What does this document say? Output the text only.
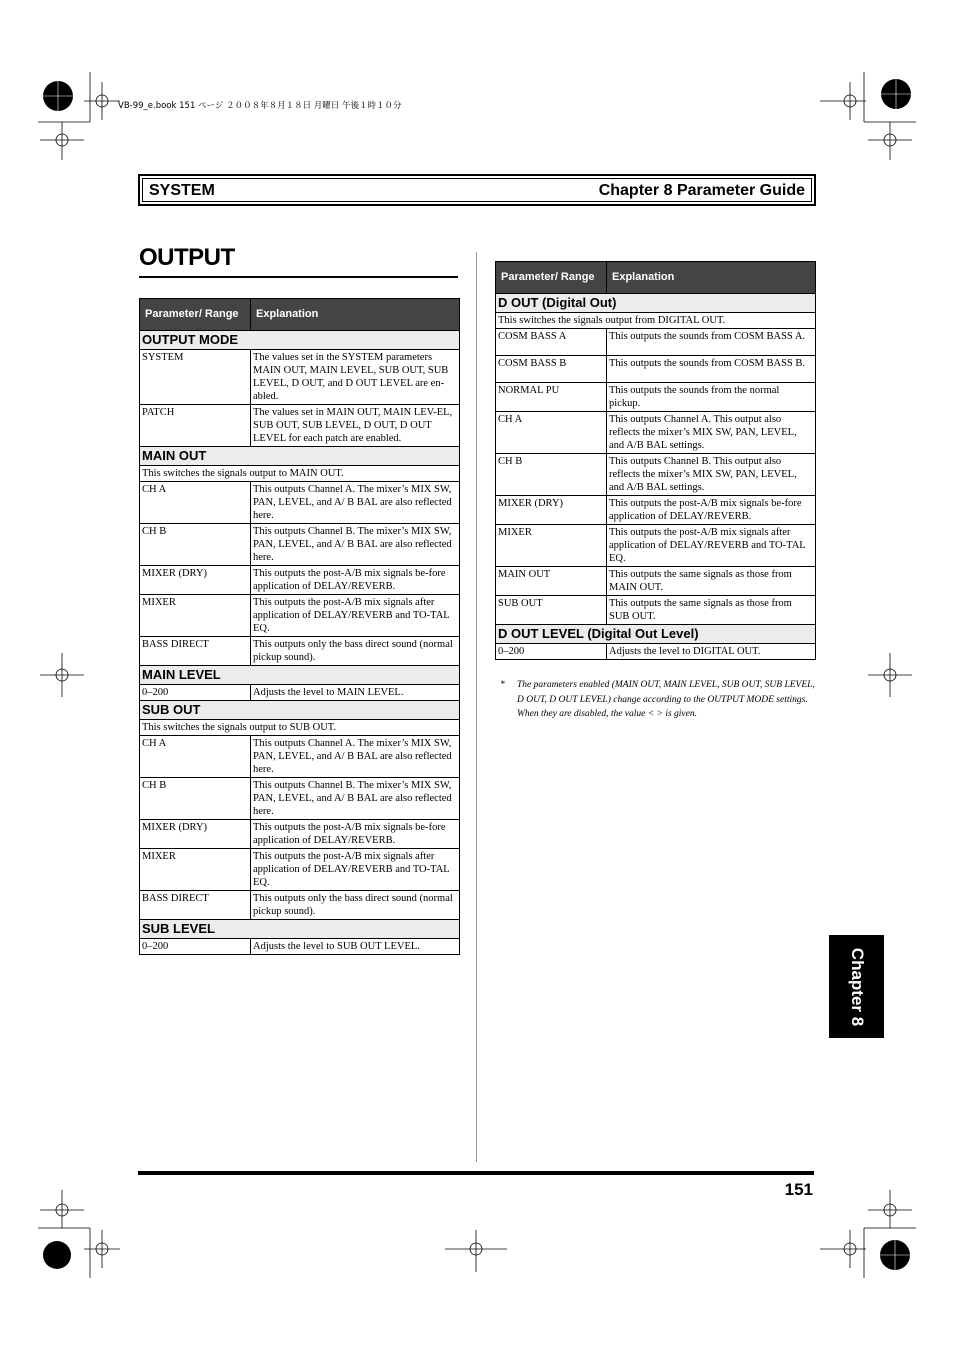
VB-99_e.book 151 ページ ２００８年８月１８日 月曜日 午後１時１０分
SYSTEM	Chapter 8 Parameter Guide
OUTPUT
Parameter/ Range	Explanation
OUTPUT MODE	
SYSTEM	The values set in the SYSTEM parameters MAIN OUT, MAIN LEVEL, SUB OUT, SUB LEVEL, D OUT, and D OUT LEVEL are en-abled.
PATCH	The values set in MAIN OUT, MAIN LEV-EL, SUB OUT, SUB LEVEL, D OUT, D OUT LEVEL for each patch are enabled.
MAIN OUT	
This switches the signals output to MAIN OUT.	
CH A	This outputs Channel A. The mixer’s MIX SW, PAN, LEVEL, and A/ B BAL are also reflected here.
CH B	This outputs Channel B. The mixer’s MIX SW, PAN, LEVEL, and A/ B BAL are also reflected here.
MIXER (DRY)	This outputs the post-A/B mix signals be-fore application of DELAY/REVERB.
MIXER	This outputs the post-A/B mix signals after application of DELAY/REVERB and TO-TAL EQ.
BASS DIRECT	This outputs only the bass direct sound (normal pickup sound).
MAIN LEVEL	
0–200	Adjusts the level to MAIN LEVEL.
SUB OUT	
This switches the signals output to SUB OUT.	
CH A	This outputs Channel A. The mixer’s MIX SW, PAN, LEVEL, and A/ B BAL are also reflected here.
CH B	This outputs Channel B. The mixer’s MIX SW, PAN, LEVEL, and A/ B BAL are also reflected here.
MIXER (DRY)	This outputs the post-A/B mix signals be-fore application of DELAY/REVERB.
MIXER	This outputs the post-A/B mix signals after application of DELAY/REVERB and TO-TAL EQ.
BASS DIRECT	This outputs only the bass direct sound (normal pickup sound).
SUB LEVEL	
0–200	Adjusts the level to SUB OUT LEVEL.
Parameter/ Range	Explanation
D OUT (Digital Out)	
This switches the signals output from DIGITAL OUT.	
COSM BASS A	This outputs the sounds from COSM BASS A.
COSM BASS B	This outputs the sounds from COSM BASS B.
NORMAL PU	This outputs the sounds from the normal pickup.
CH A	This outputs Channel A. This output also reflects the mixer’s MIX SW, PAN, LEVEL, and A/B BAL settings.
CH B	This outputs Channel B. This output also reflects the mixer’s MIX SW, PAN, LEVEL, and A/B BAL settings.
MIXER (DRY)	This outputs the post-A/B mix signals be-fore application of DELAY/REVERB.
MIXER	This outputs the post-A/B mix signals after application of DELAY/REVERB and TO-TAL EQ.
MAIN OUT	This outputs the same signals as those from MAIN OUT.
SUB OUT	This outputs the same signals as those from SUB OUT.
D OUT LEVEL (Digital Out Level)	
0–200	Adjusts the level to DIGITAL OUT.
* The parameters enabled (MAIN OUT, MAIN LEVEL, SUB OUT, SUB LEVEL, D OUT, D OUT LEVEL) change according to the OUTPUT MODE settings.
When they are disabled, the value < > is given.
Chapter 8
151
